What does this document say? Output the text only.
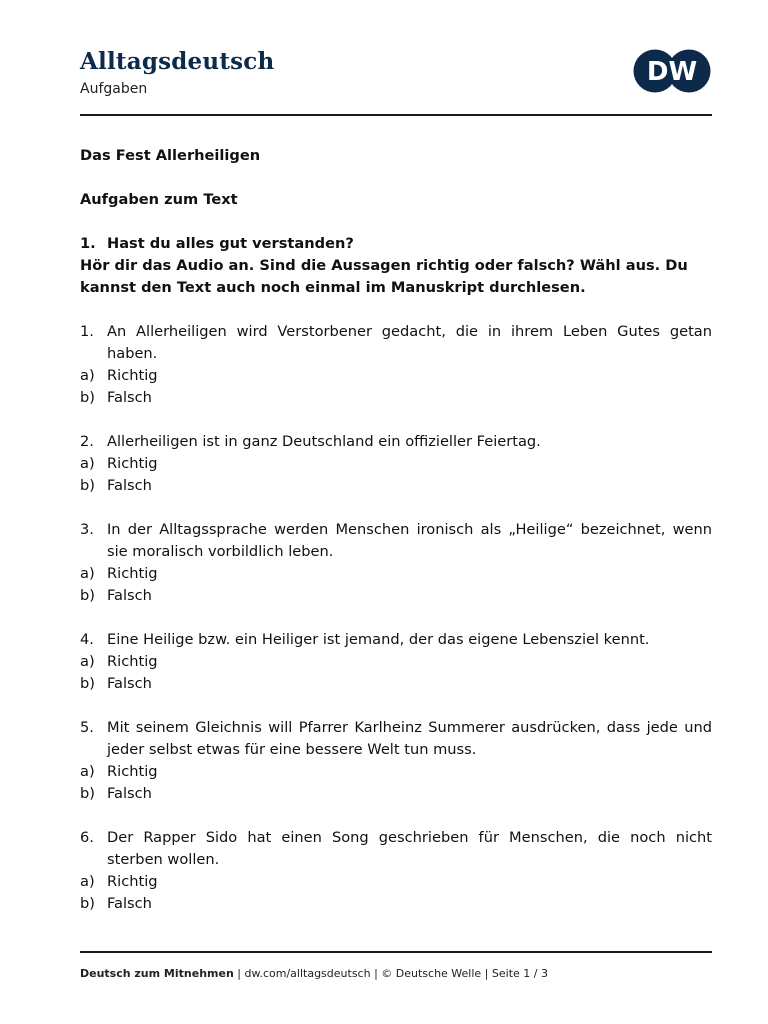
Alltagsdeutsch
Aufgaben
DW

Das Fest Allerheiligen

Aufgaben zum Text

1. Hast du alles gut verstanden?

Hör dir das Audio an. Sind die Aussagen richtig oder falsch? Wähl aus. Du kannst den Text auch noch einmal im Manuskript durchlesen.

1. An Allerheiligen wird Verstorbener gedacht, die in ihrem Leben Gutes getan haben.
a) Richtig
b) Falsch
2. Allerheiligen ist in ganz Deutschland ein offizieller Feiertag.
a) Richtig
b) Falsch
3. In der Alltagssprache werden Menschen ironisch als „Heilige“ bezeichnet, wenn sie moralisch vorbildlich leben.
a) Richtig
b) Falsch
4. Eine Heilige bzw. ein Heiliger ist jemand, der das eigene Lebensziel kennt.
a) Richtig
b) Falsch
5. Mit seinem Gleichnis will Pfarrer Karlheinz Summerer ausdrücken, dass jede und jeder selbst etwas für eine bessere Welt tun muss.
a) Richtig
b) Falsch
6. Der Rapper Sido hat einen Song geschrieben für Menschen, die noch nicht sterben wollen.
a) Richtig
b) Falsch
Deutsch zum Mitnehmen | dw.com/alltagsdeutsch | © Deutsche Welle | Seite 1 / 3
